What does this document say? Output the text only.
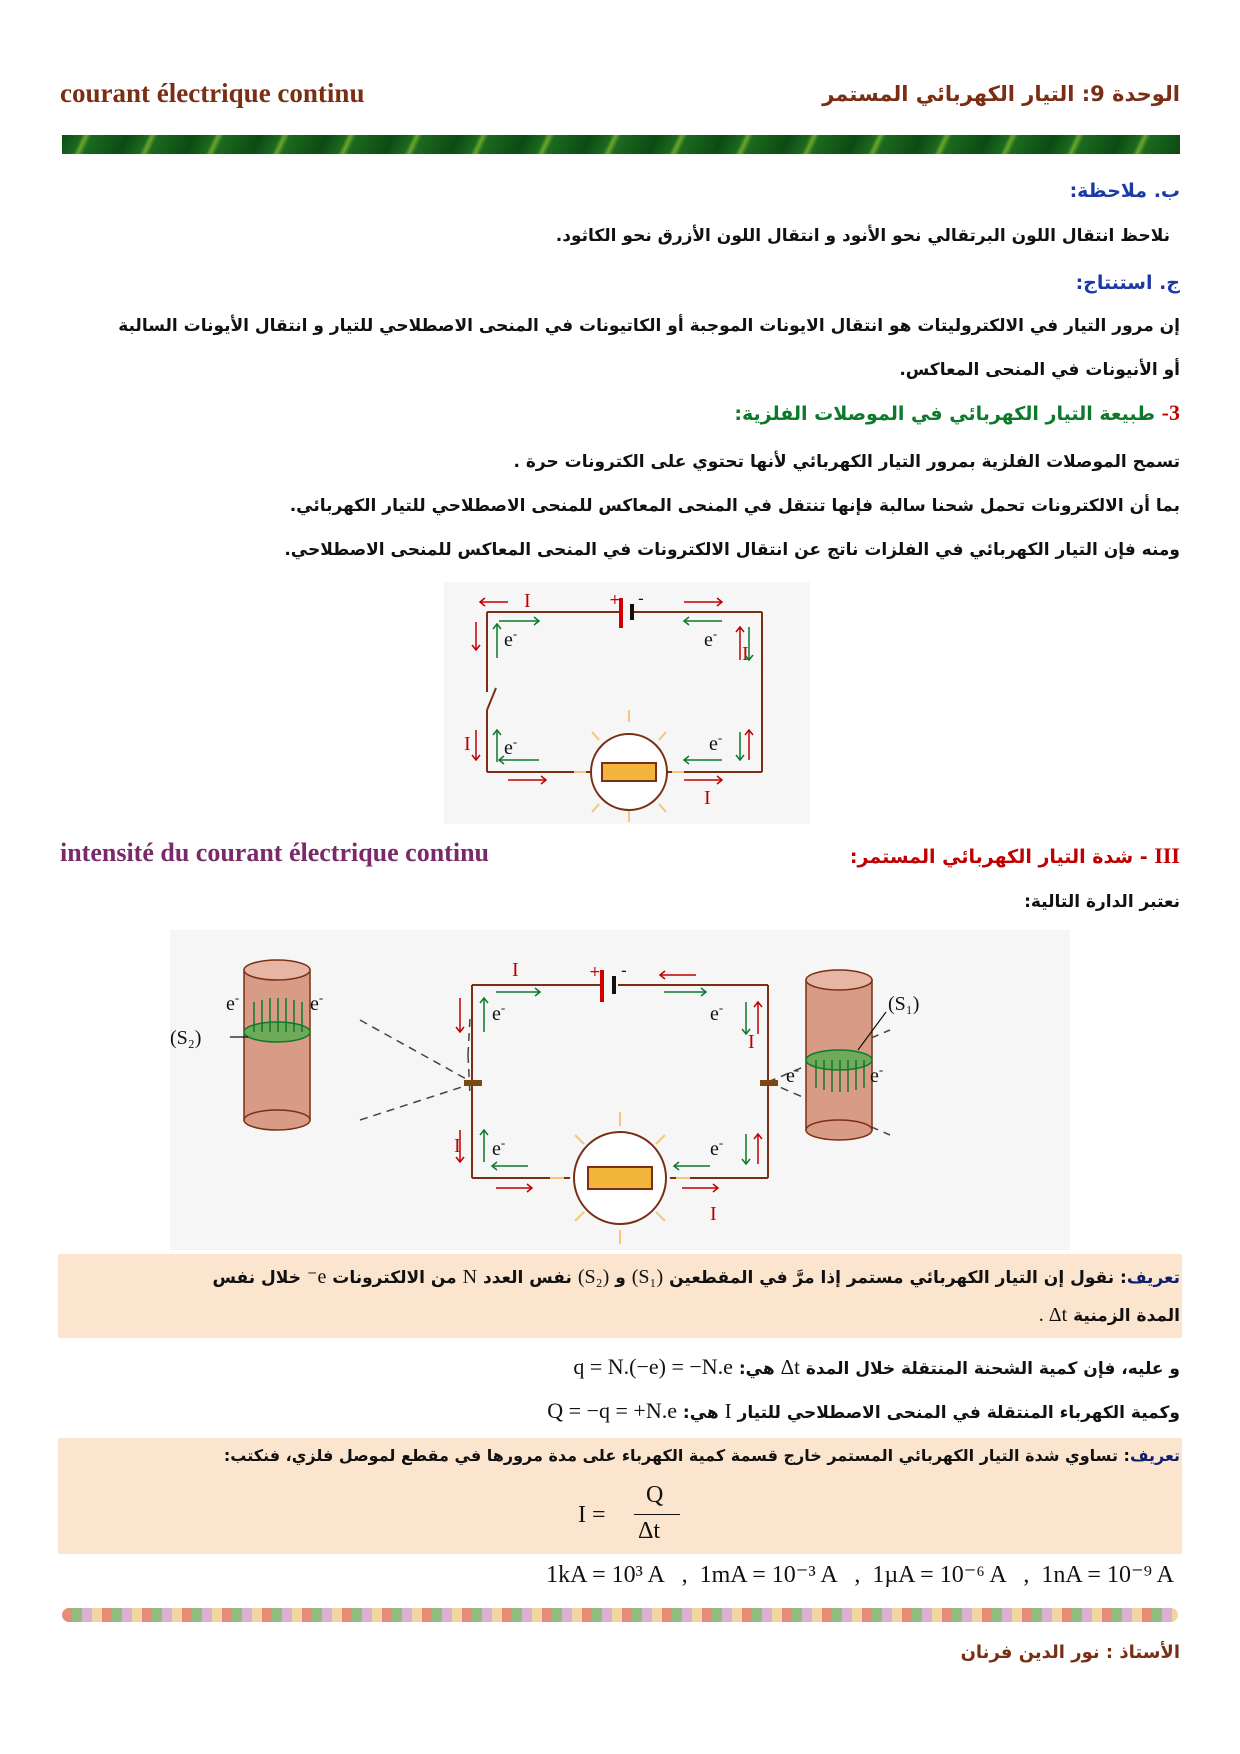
courant électrique continu	الوحدة 9: التيار الكهربائي المستمر
ب. ملاحظة:
نلاحظ انتقال اللون البرتقالي نحو الأنود و انتقال اللون الأزرق نحو الكاثود.
ج. استنتاج:
إن مرور التيار في الالكتروليتات هو انتقال الايونات الموجبة أو الكاتيونات في المنحى الاصطلاحي للتيار و انتقال الأيونات السالبة
أو الأنيونات في المنحى المعاكس.
3- طبيعة التيار الكهربائي في الموصلات الفلزية:
تسمح الموصلات الفلزية بمرور التيار الكهربائي لأنها تحتوي على الكترونات حرة .
بما أن الالكترونات تحمل شحنا سالبة فإنها تنتقل في المنحى المعاكس للمنحى الاصطلاحي للتيار الكهربائي.
ومنه فإن التيار الكهربائي في الفلزات ناتج عن انتقال الالكترونات في المنحى المعاكس للمنحى الاصطلاحي.
+ -
I
I
I
I
e-	e-
e-	e-
intensité du courant électrique continu	III - شدة التيار الكهربائي المستمر:
نعتبر الدارة التالية:
+ -
(S₂)
(S₁)
e-	e-
e-	e-
I
I
I
I
e-	e-
e-	e-
تعريف: نقول إن التيار الكهربائي مستمر إذا مرَّ في المقطعين (S₁) و (S₂) نفس العدد N من الالكترونات e⁻ خلال نفس
المدة الزمنية Δt .
و عليه، فإن كمية الشحنة المنتقلة خلال المدة Δt هي: q = N.(−e) = −N.e
وكمية الكهرباء المنتقلة في المنحى الاصطلاحي للتيار I هي: Q = −q = +N.e
تعريف: تساوي شدة التيار الكهربائي المستمر خارج قسمة كمية الكهرباء على مدة مرورها في مقطع لموصل فلزي، فنكتب:
I =
Q
Δt
1kA = 10³ A   ,  1mA = 10⁻³ A   ,  1µA = 10⁻⁶ A   ,  1nA = 10⁻⁹ A
الأستاذ : نور الدين فرنان
